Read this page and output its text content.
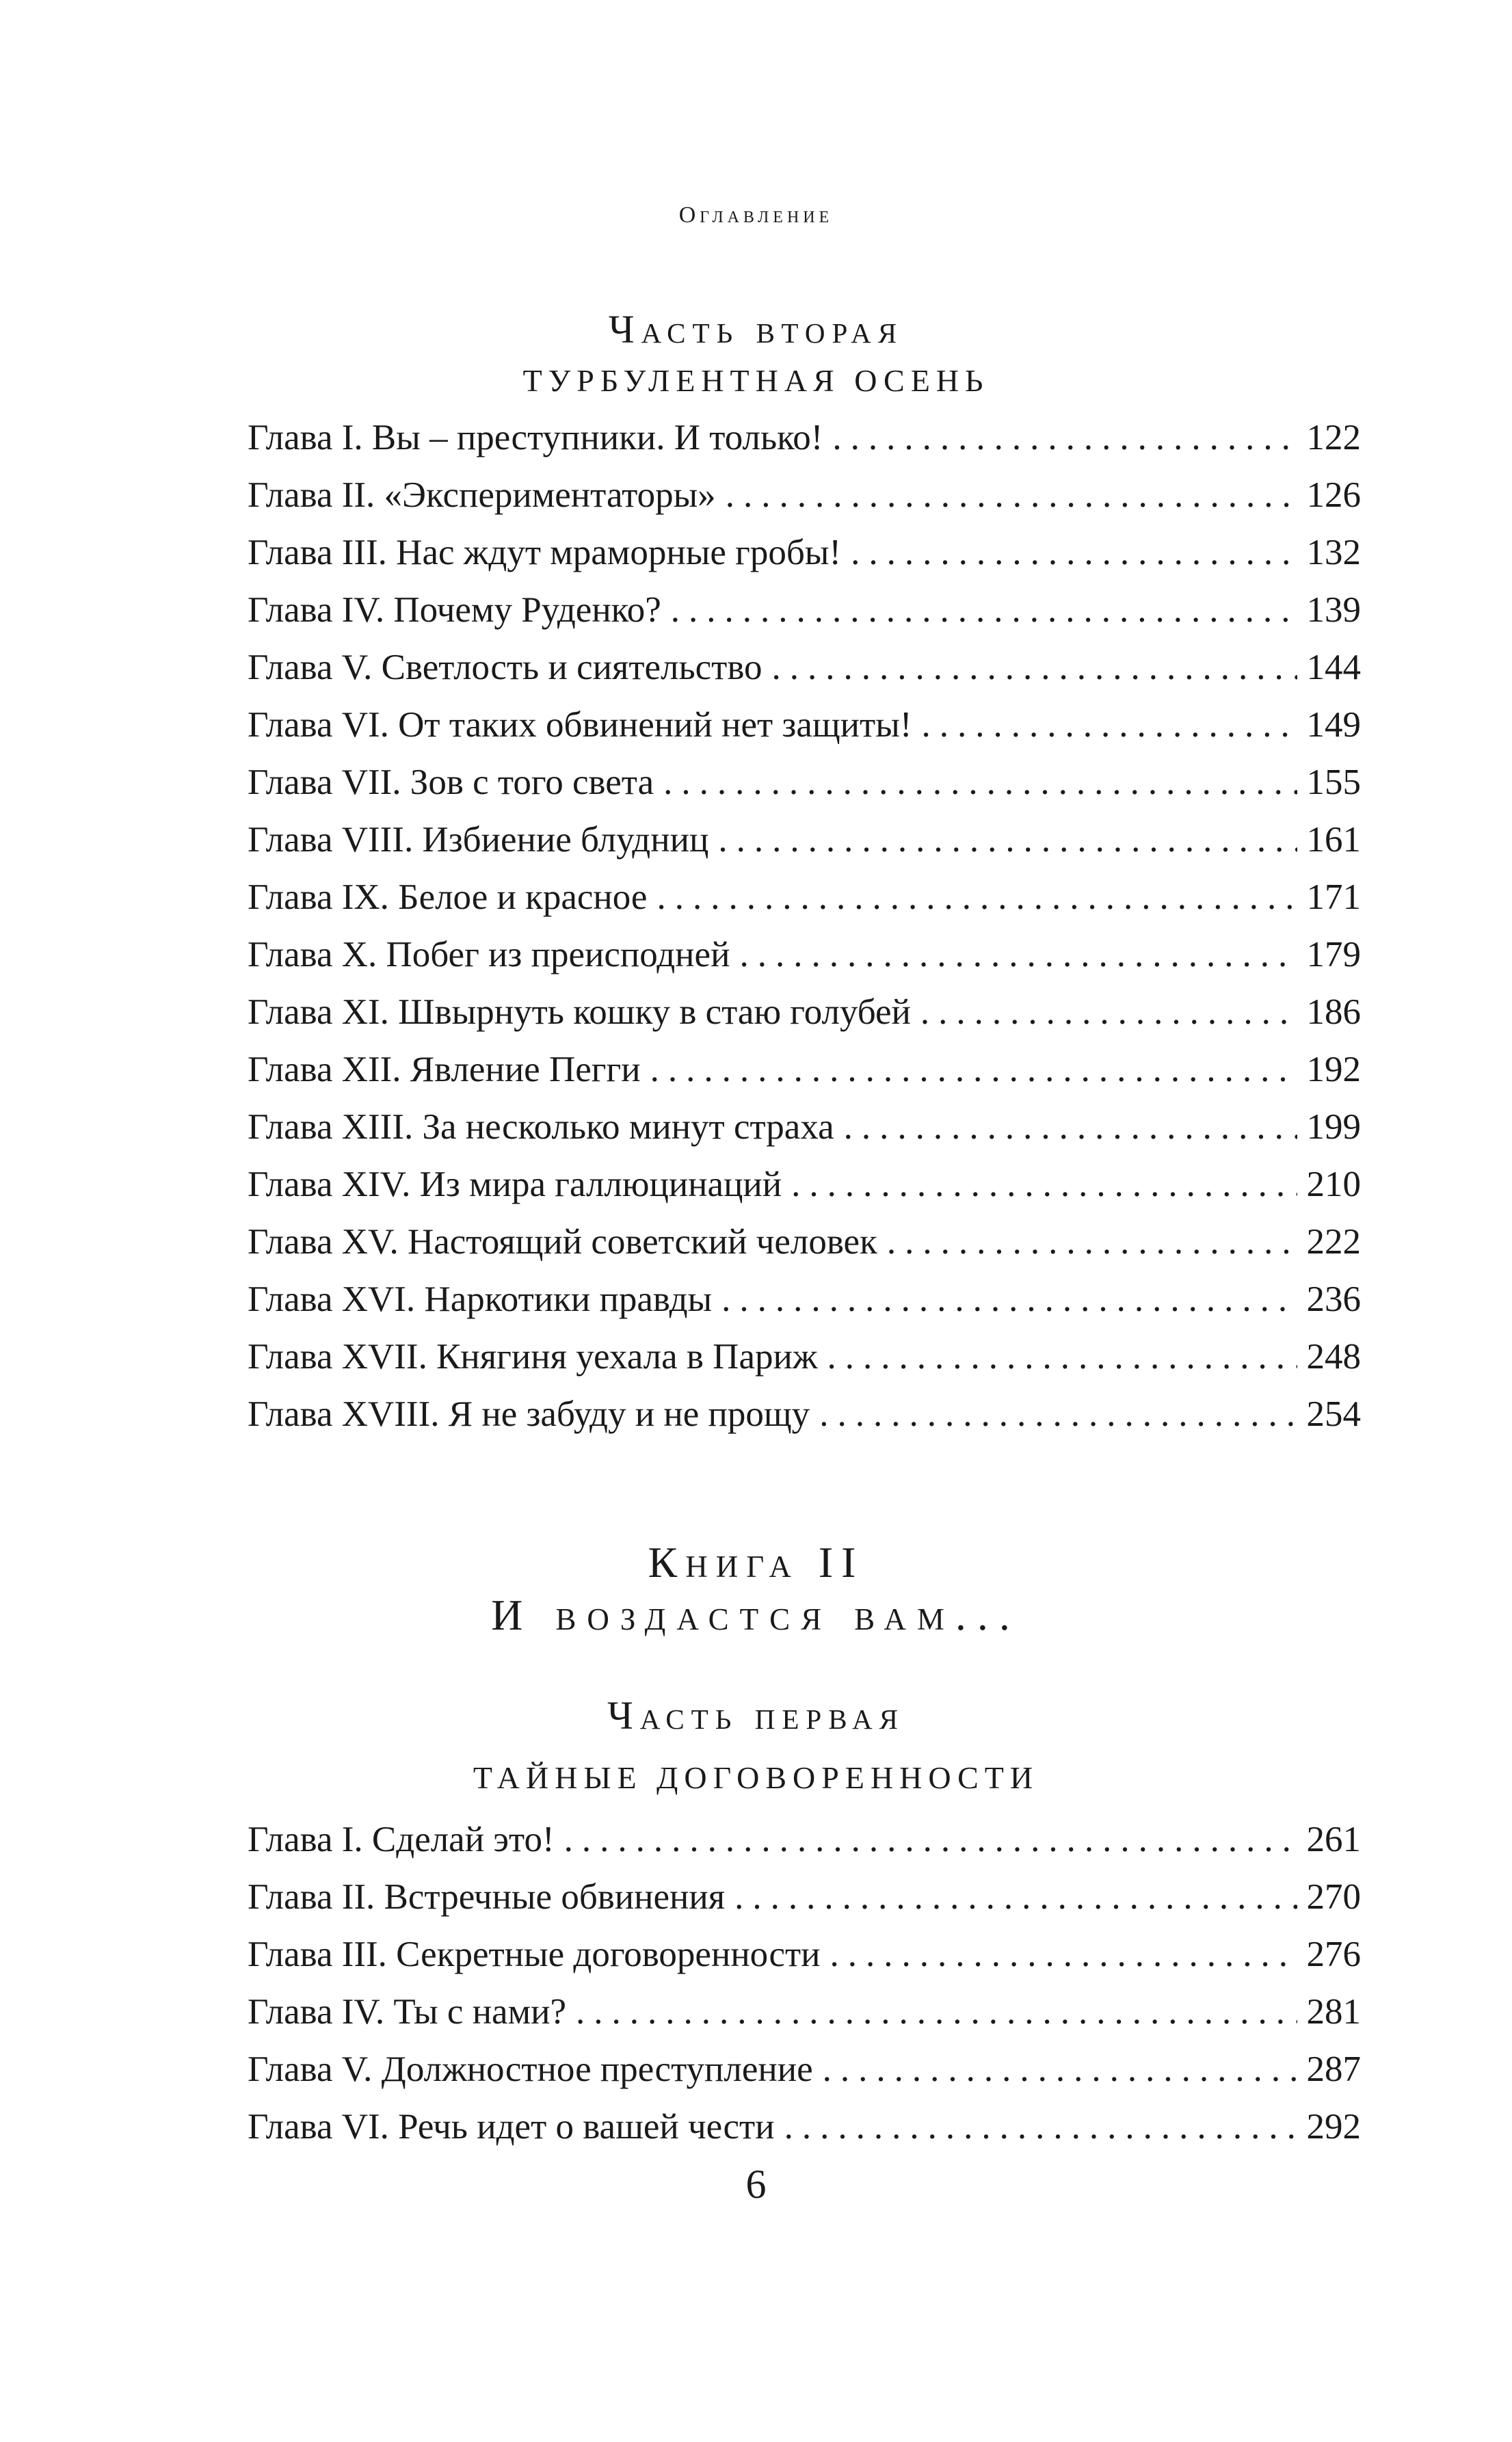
Оглавление
Часть вторая
ТУРБУЛЕНТНАЯ ОСЕНЬ
Глава I. Вы – преступники. И только! .....	122
Глава II. «Экспериментаторы» .....	126
Глава III. Нас ждут мраморные гробы! .....	132
Глава IV. Почему Руденко? .....	139
Глава V. Светлость и сиятельство .....	144
Глава VI. От таких обвинений нет защиты! .....	149
Глава VII. Зов с того света .....	155
Глава VIII. Избиение блудниц .....	161
Глава IX. Белое и красное .....	171
Глава X. Побег из преисподней .....	179
Глава XI. Швырнуть кошку в стаю голубей .....	186
Глава XII. Явление Пегги .....	192
Глава XIII. За несколько минут страха .....	199
Глава XIV. Из мира галлюцинаций .....	210
Глава XV. Настоящий советский человек .....	222
Глава XVI. Наркотики правды .....	236
Глава XVII. Княгиня уехала в Париж .....	248
Глава XVIII. Я не забуду и не прощу .....	254
Книга II
И воздастся вам...
Часть первая
ТАЙНЫЕ ДОГОВОРЕННОСТИ
Глава I. Сделай это! .....	261
Глава II. Встречные обвинения .....	270
Глава III. Секретные договоренности .....	276
Глава IV. Ты с нами? .....	281
Глава V. Должностное преступление .....	287
Глава VI. Речь идет о вашей чести .....	292
6
